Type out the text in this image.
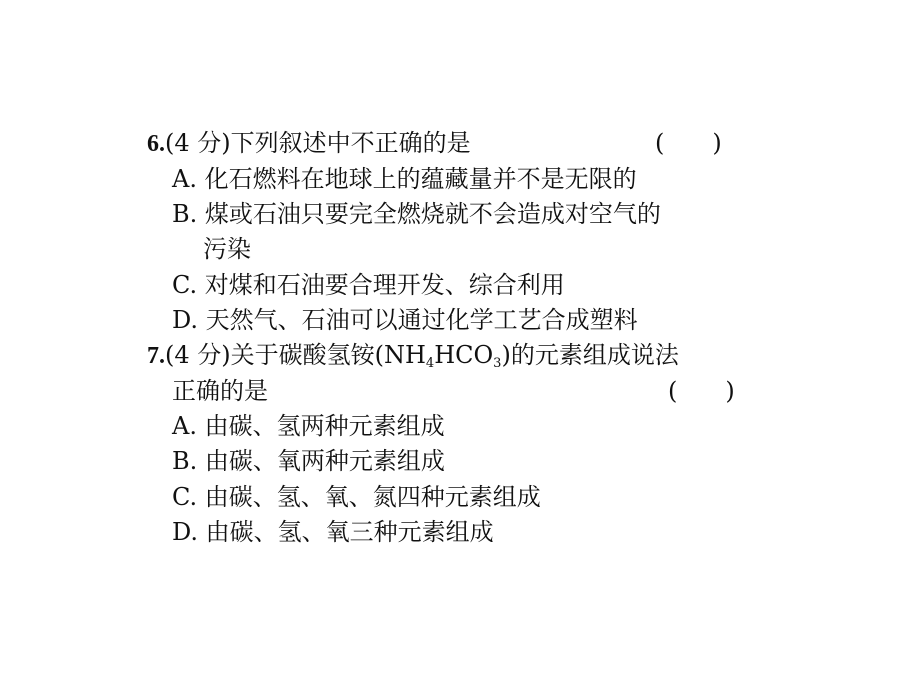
6.(4 分)下列叙述中不正确的是	(　　)
A. 化石燃料在地球上的蕴藏量并不是无限的
B. 煤或石油只要完全燃烧就不会造成对空气的
污染
C. 对煤和石油要合理开发、综合利用
D. 天然气、石油可以通过化学工艺合成塑料
7.(4 分)关于碳酸氢铵$(NH_4HCO_3)$的元素组成说法
正确的是	(　　)
A. 由碳、氢两种元素组成
B. 由碳、氧两种元素组成
C. 由碳、氢、氧、氮四种元素组成
D. 由碳、氢、氧三种元素组成
